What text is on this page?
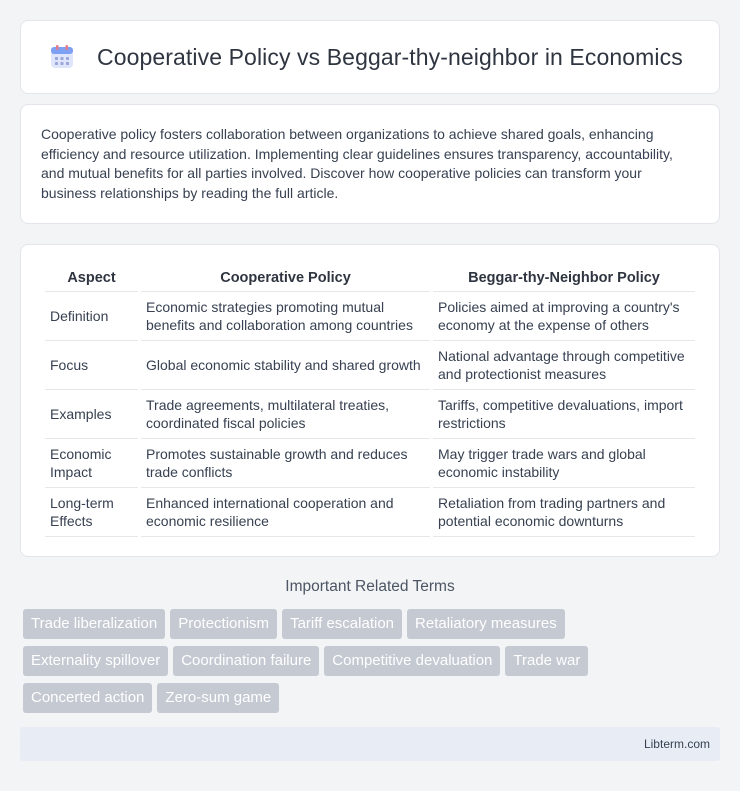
Cooperative Policy vs Beggar-thy-neighbor in Economics

Cooperative policy fosters collaboration between organizations to achieve shared goals, enhancing efficiency and resource utilization. Implementing clear guidelines ensures transparency, accountability, and mutual benefits for all parties involved. Discover how cooperative policies can transform your business relationships by reading the full article.

Aspect	Cooperative Policy	Beggar-thy-Neighbor Policy
Definition	Economic strategies promoting mutual benefits and collaboration among countries	Policies aimed at improving a country's economy at the expense of others
Focus	Global economic stability and shared growth	National advantage through competitive and protectionist measures
Examples	Trade agreements, multilateral treaties, coordinated fiscal policies	Tariffs, competitive devaluations, import restrictions
Economic Impact	Promotes sustainable growth and reduces trade conflicts	May trigger trade wars and global economic instability
Long-term Effects	Enhanced international cooperation and economic resilience	Retaliation from trading partners and potential economic downturns
Important Related Terms
Trade liberalization	Protectionism	Tariff escalation	Retaliatory measures
Externality spillover	Coordination failure	Competitive devaluation	Trade war
Concerted action	Zero-sum game
Libterm.com
